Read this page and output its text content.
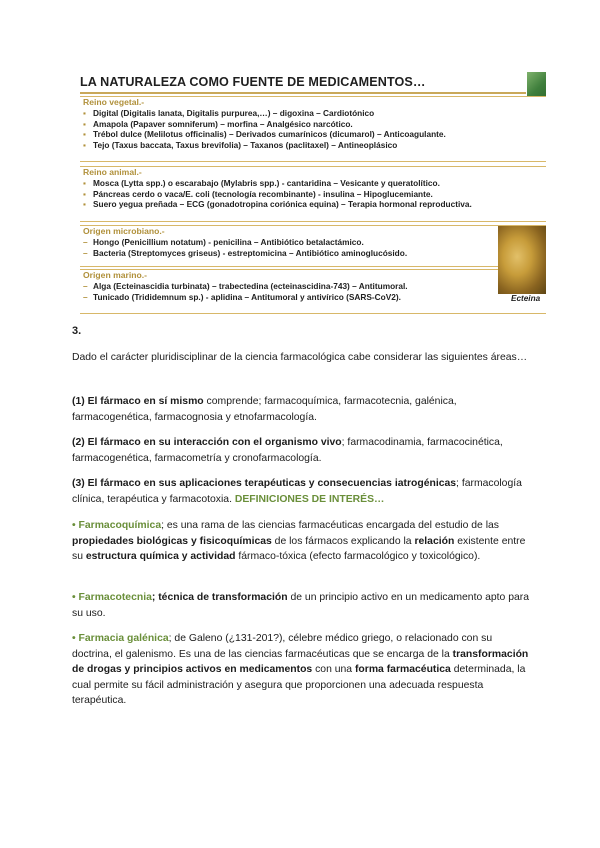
LA NATURALEZA COMO FUENTE DE MEDICAMENTOS…
Reino vegetal.-
▪ Digital (Digitalis lanata, Digitalis purpurea,…) – digoxina – Cardiotónico
▪ Amapola (Papaver somniferum) – morfina – Analgésico narcótico.
▪ Trébol dulce (Melilotus officinalis) – Derivados cumarínicos (dicumarol) – Anticoagulante.
▪ Tejo (Taxus baccata, Taxus brevifolia) – Taxanos (paclitaxel) – Antineoplásico
Reino animal.-
▪ Mosca (Lytta spp.) o escarabajo (Mylabris spp.) - cantaridina – Vesicante y queratolítico.
▪ Páncreas cerdo o vaca/E. coli (tecnología recombinante) - insulina – Hipoglucemiante.
▪ Suero yegua preñada – ECG (gonadotropina coriónica equina) – Terapia hormonal reproductiva.
Origen microbiano.-
– Hongo (Penicillium notatum) - penicilina – Antibiótico betalactámico.
– Bacteria (Streptomyces griseus) - estreptomicina – Antibiótico aminoglucósido.
Origen marino.-
– Alga (Ecteinascidia turbinata) – trabectedina (ecteinascidina-743) – Antitumoral.
– Tunicado (Trididemnum sp.) - aplidina – Antitumoral y antivírico (SARS-CoV2).	Ecteina
3.
Dado el carácter pluridisciplinar de la ciencia farmacológica cabe considerar las siguientes áreas…
(1) El fármaco en sí mismo comprende; farmacoquímica, farmacotecnia, galénica, farmacogenética, farmacognosia y etnofarmacología.
(2) El fármaco en su interacción con el organismo vivo; farmacodinamia, farmacocinética, farmacogenética, farmacometría y cronofarmacología.
(3) El fármaco en sus aplicaciones terapéuticas y consecuencias iatrogénicas; farmacología clínica, terapéutica y farmacotoxia. DEFINICIONES DE INTERÉS…
• Farmacoquímica; es una rama de las ciencias farmacéuticas encargada del estudio de las propiedades biológicas y fisicoquímicas de los fármacos explicando la relación existente entre su estructura química y actividad fármaco-tóxica (efecto farmacológico y toxicológico).
• Farmacotecnia; técnica de transformación de un principio activo en un medicamento apto para su uso.
• Farmacia galénica; de Galeno (¿131-201?), célebre médico griego, o relacionado con su doctrina, el galenismo. Es una de las ciencias farmacéuticas que se encarga de la transformación de drogas y principios activos en medicamentos con una forma farmacéutica determinada, la cual permite su fácil administración y asegura que proporcionen una adecuada respuesta terapéutica.
